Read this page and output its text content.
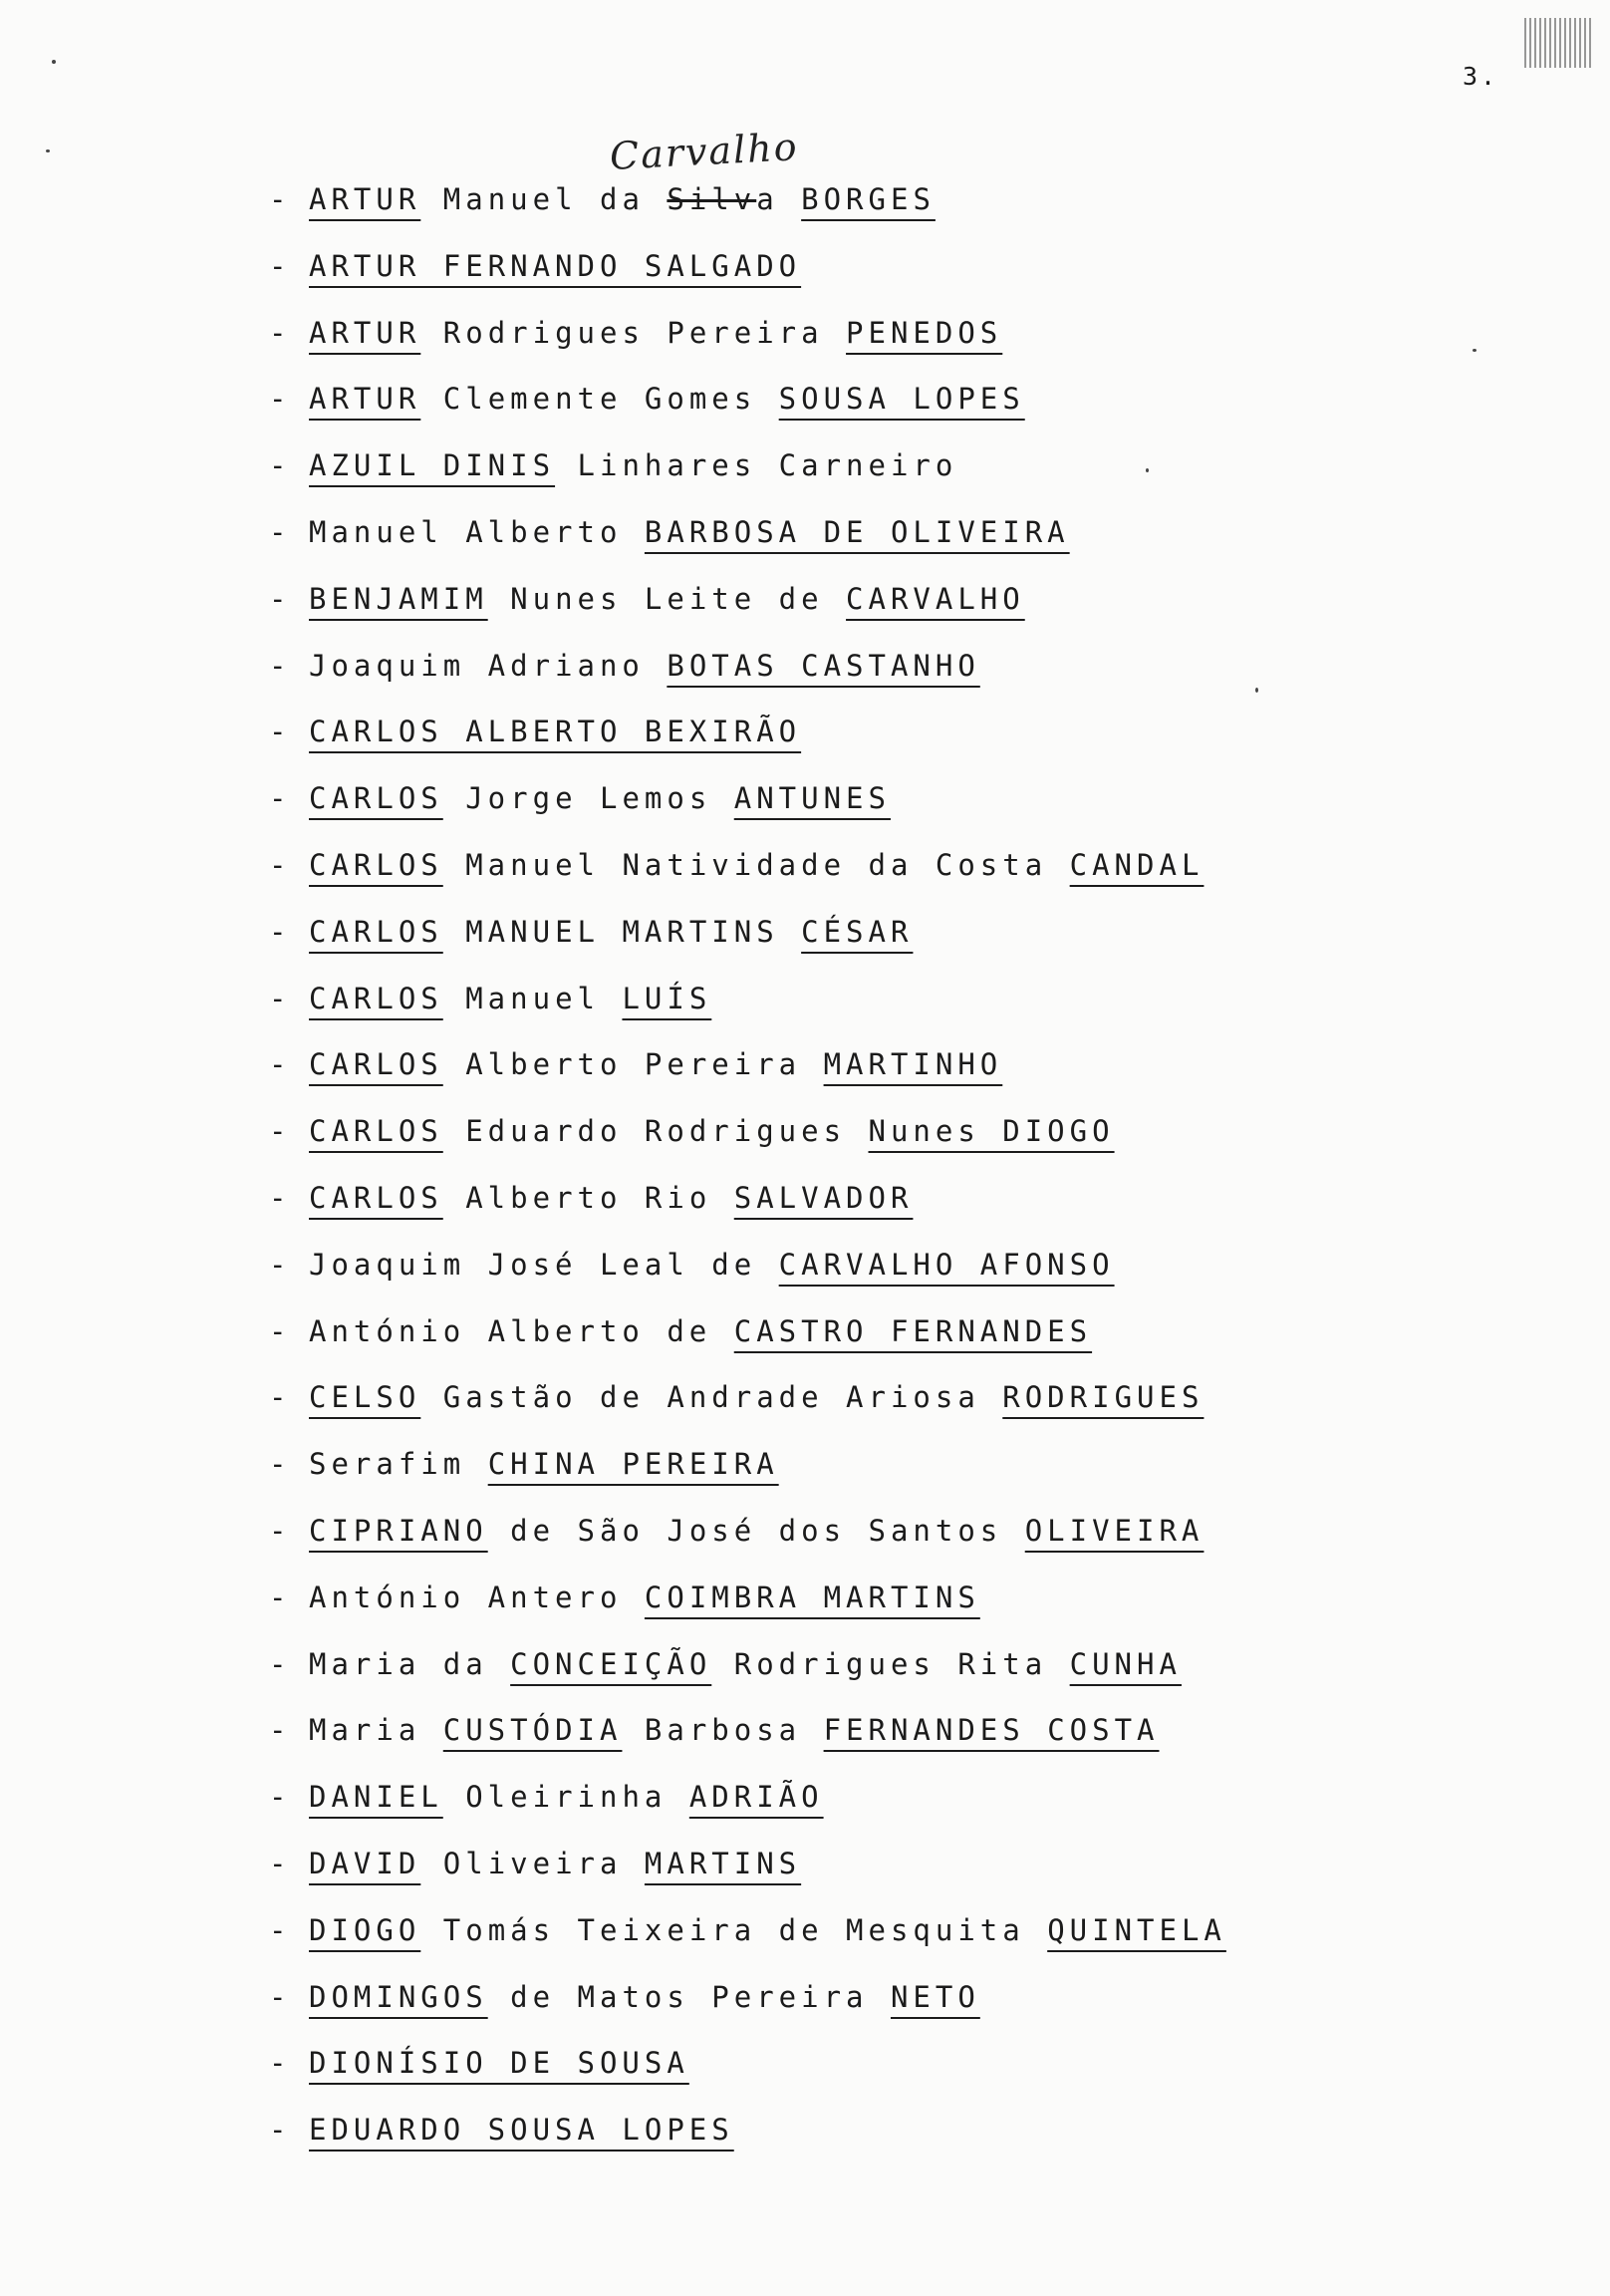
3.
Carvalho
- ARTUR Manuel da Silva BORGES
- ARTUR FERNANDO SALGADO
- ARTUR Rodrigues Pereira PENEDOS
- ARTUR Clemente Gomes SOUSA LOPES
- AZUIL DINIS Linhares Carneiro
- Manuel Alberto BARBOSA DE OLIVEIRA
- BENJAMIM Nunes Leite de CARVALHO
- Joaquim Adriano BOTAS CASTANHO
- CARLOS ALBERTO BEXIRÃO
- CARLOS Jorge Lemos ANTUNES
- CARLOS Manuel Natividade da Costa CANDAL
- CARLOS MANUEL MARTINS CÉSAR
- CARLOS Manuel LUÍS
- CARLOS Alberto Pereira MARTINHO
- CARLOS Eduardo Rodrigues Nunes DIOGO
- CARLOS Alberto Rio SALVADOR
- Joaquim José Leal de CARVALHO AFONSO
- António Alberto de CASTRO FERNANDES
- CELSO Gastão de Andrade Ariosa RODRIGUES
- Serafim CHINA PEREIRA
- CIPRIANO de São José dos Santos OLIVEIRA
- António Antero COIMBRA MARTINS
- Maria da CONCEIÇÃO Rodrigues Rita CUNHA
- Maria CUSTÓDIA Barbosa FERNANDES COSTA
- DANIEL Oleirinha ADRIÃO
- DAVID Oliveira MARTINS
- DIOGO Tomás Teixeira de Mesquita QUINTELA
- DOMINGOS de Matos Pereira NETO
- DIONÍSIO DE SOUSA
- EDUARDO SOUSA LOPES
